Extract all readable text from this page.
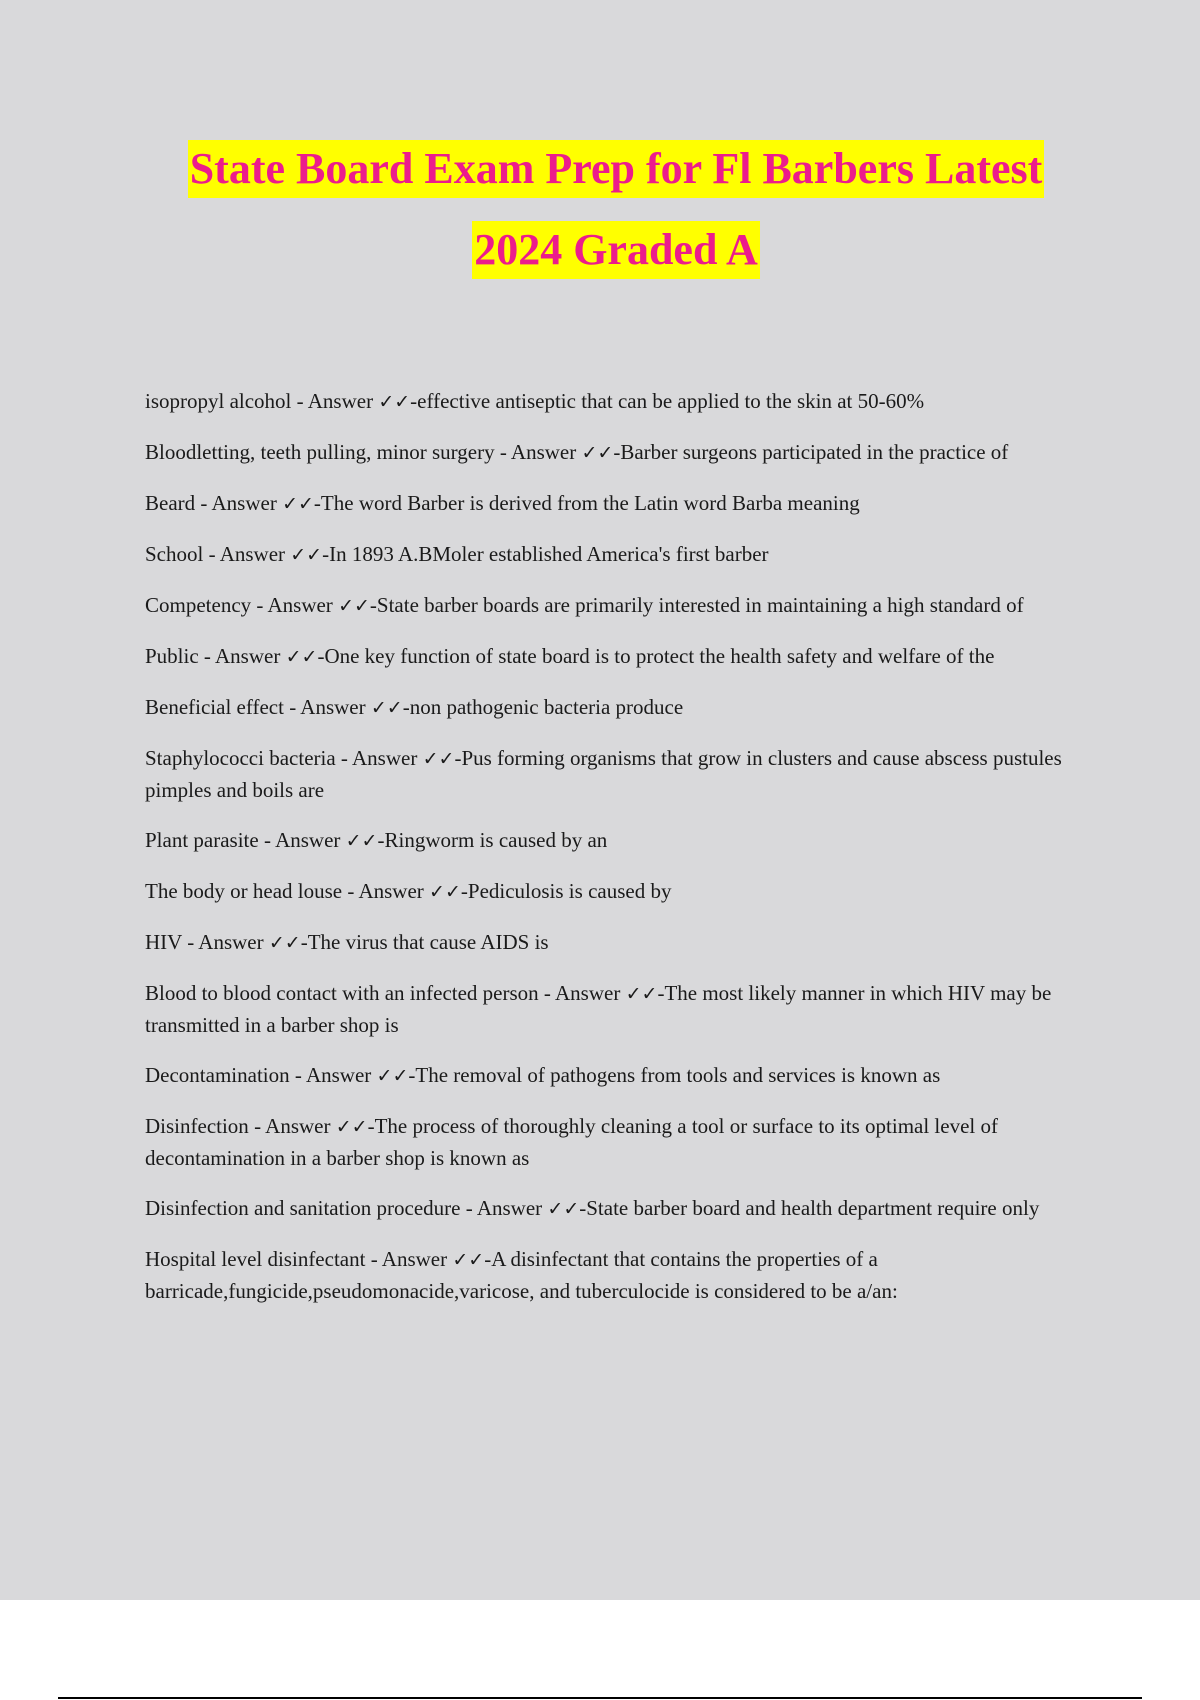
State Board Exam Prep for Fl Barbers Latest
2024 Graded A
isopropyl alcohol - Answer ✓✓-effective antiseptic that can be applied to the skin at 50-60%
Bloodletting, teeth pulling, minor surgery - Answer ✓✓-Barber surgeons participated in the practice of
Beard - Answer ✓✓-The word Barber is derived from the Latin word Barba meaning
School - Answer ✓✓-In 1893 A.BMoler established America's first barber
Competency - Answer ✓✓-State barber boards are primarily interested in maintaining a high standard of
Public - Answer ✓✓-One key function of state board is to protect the health safety and welfare of the
Beneficial effect - Answer ✓✓-non pathogenic bacteria produce
Staphylococci bacteria - Answer ✓✓-Pus forming organisms that grow in clusters and cause abscess pustules pimples and boils are
Plant parasite - Answer ✓✓-Ringworm is caused by an
The body or head louse - Answer ✓✓-Pediculosis is caused by
HIV - Answer ✓✓-The virus that cause AIDS is
Blood to blood contact with an infected person - Answer ✓✓-The most likely manner in which HIV may be transmitted in a barber shop is
Decontamination - Answer ✓✓-The removal of pathogens from tools and services is known as
Disinfection - Answer ✓✓-The process of thoroughly cleaning a tool or surface to its optimal level of decontamination in a barber shop is known as
Disinfection and sanitation procedure - Answer ✓✓-State barber board and health department require only
Hospital level disinfectant - Answer ✓✓-A disinfectant that contains the properties of a barricade,fungicide,pseudomonacide,varicose, and tuberculocide is considered to be a/an:
